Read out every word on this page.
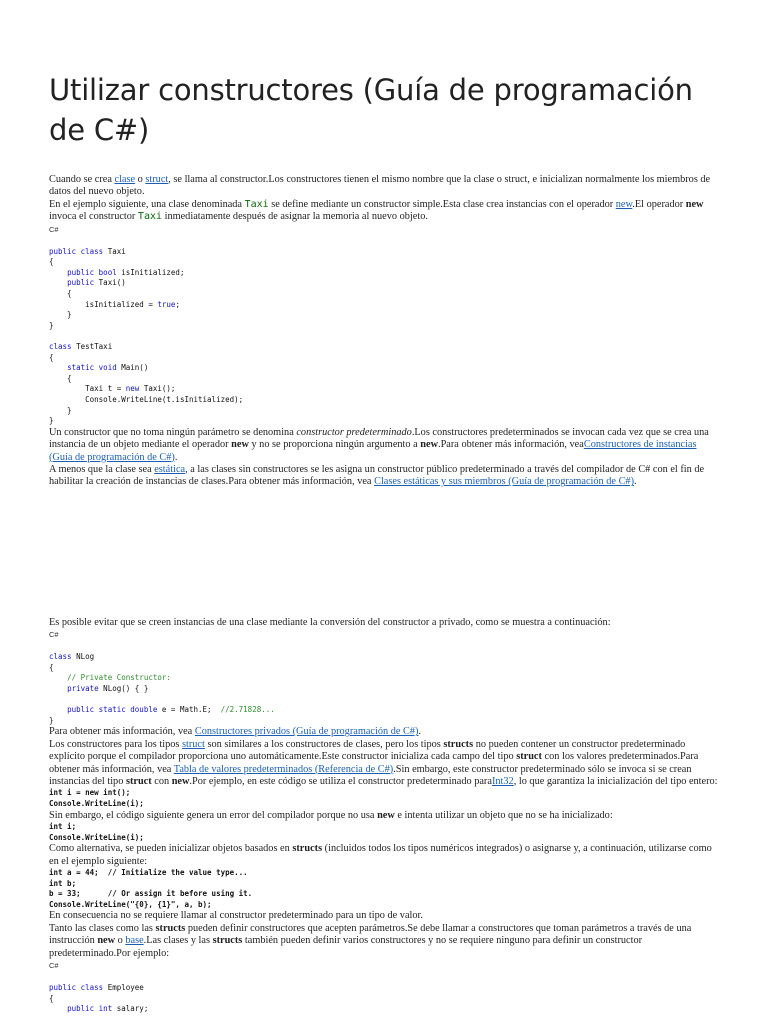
Utilizar constructores (Guía de programación de C#)

Cuando se crea clase o struct, se llama al constructor.Los constructores tienen el mismo nombre que la clase o struct, e inicializan normalmente los miembros de datos del nuevo objeto.

En el ejemplo siguiente, una clase denominada Taxi se define mediante un constructor simple.Esta clase crea instancias con el operador new.El operador new invoca el constructor Taxi inmediatamente después de asignar la memoria al nuevo objeto.

C#
public class Taxi
{
public bool isInitialized;
public Taxi()
{
isInitialized = true;
}
}

class TestTaxi
{
static void Main()
{
Taxi t = new Taxi();
Console.WriteLine(t.isInitialized);
}
}

Un constructor que no toma ningún parámetro se denomina constructor predeterminado.Los constructores predeterminados se invocan cada vez que se crea una instancia de un objeto mediante el operador new y no se proporciona ningún argumento a new.Para obtener más información, veaConstructores de instancias (Guía de programación de C#).

A menos que la clase sea estática, a las clases sin constructores se les asigna un constructor público predeterminado a través del compilador de C# con el fin de habilitar la creación de instancias de clases.Para obtener más información, vea Clases estáticas y sus miembros (Guía de programación de C#).

Es posible evitar que se creen instancias de una clase mediante la conversión del constructor a privado, como se muestra a continuación:

C#
class NLog
{
// Private Constructor:
private NLog() { }

public static double e = Math.E;  //2.71828...
}

Para obtener más información, vea Constructores privados (Guía de programación de C#).

Los constructores para los tipos struct son similares a los constructores de clases, pero los tipos structs no pueden contener un constructor predeterminado explícito porque el compilador proporciona uno automáticamente.Este constructor inicializa cada campo del tipo struct con los valores predeterminados.Para obtener más información, vea Tabla de valores predeterminados (Referencia de C#).Sin embargo, este constructor predeterminado sólo se invoca si se crean instancias del tipo struct con new.Por ejemplo, en este código se utiliza el constructor predeterminado paraInt32, lo que garantiza la inicialización del tipo entero:

int i = new int();
Console.WriteLine(i);

Sin embargo, el código siguiente genera un error del compilador porque no usa new e intenta utilizar un objeto que no se ha inicializado:

int i;
Console.WriteLine(i);

Como alternativa, se pueden inicializar objetos basados en structs (incluidos todos los tipos numéricos integrados) o asignarse y, a continuación, utilizarse como en el ejemplo siguiente:

int a = 44;  // Initialize the value type...
int b;
b = 33;      // Or assign it before using it.
Console.WriteLine("{0}, {1}", a, b);

En consecuencia no se requiere llamar al constructor predeterminado para un tipo de valor.

Tanto las clases como las structs pueden definir constructores que acepten parámetros.Se debe llamar a constructores que toman parámetros a través de una instrucción new o base.Las clases y las structs también pueden definir varios constructores y no se requiere ninguno para definir un constructor predeterminado.Por ejemplo:

C#
public class Employee
{
public int salary;
